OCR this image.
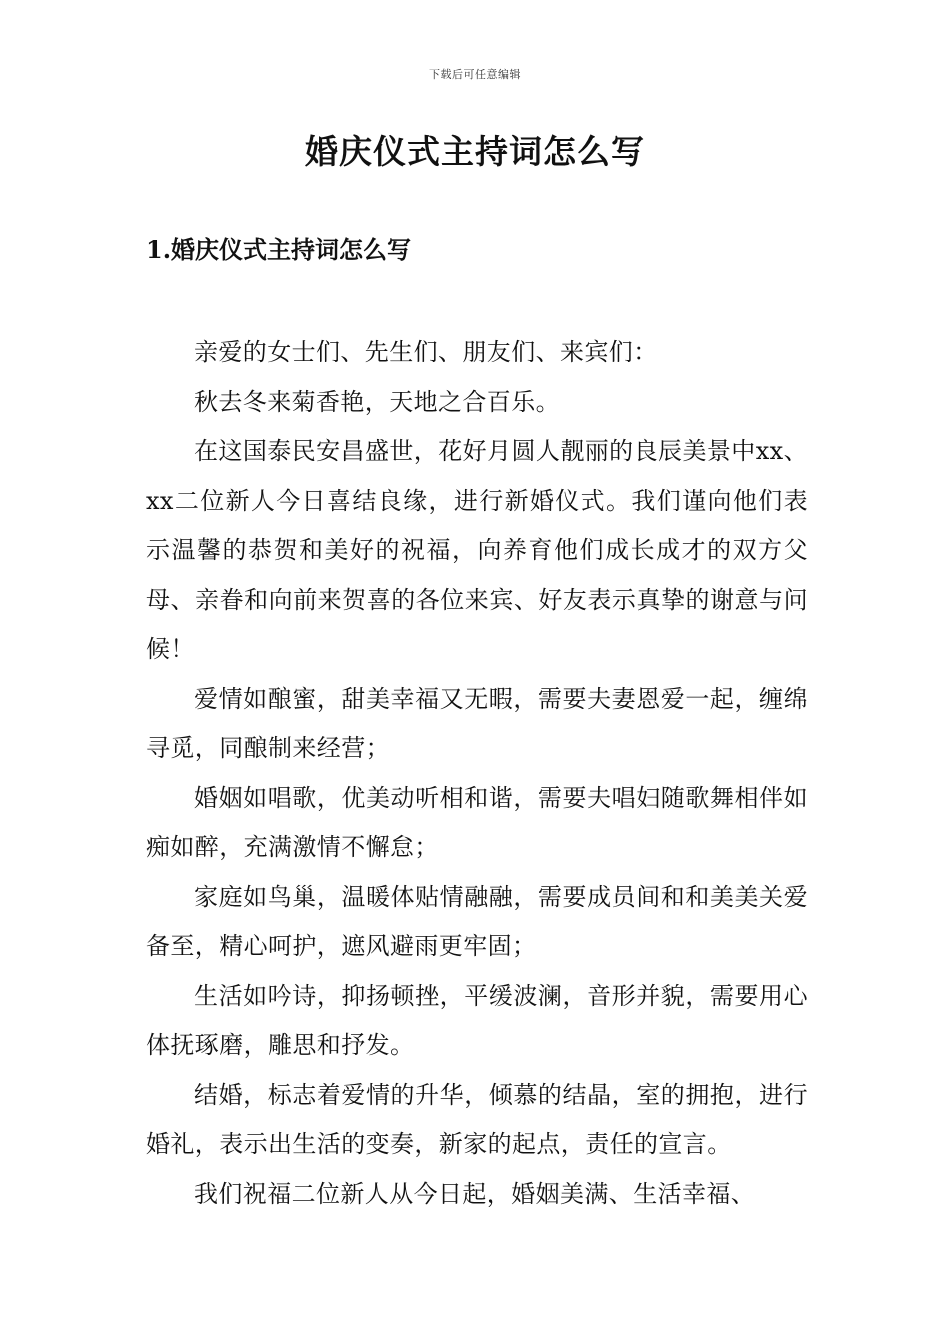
下载后可任意编辑
婚庆仪式主持词怎么写
1.婚庆仪式主持词怎么写

亲爱的女士们、先生们、朋友们、来宾们：

秋去冬来菊香艳，天地之合百乐。

在这国泰民安昌盛世，花好月圆人靓丽的良辰美景中xx、xx二位新人今日喜结良缘，进行新婚仪式。我们谨向他们表示温馨的恭贺和美好的祝福，向养育他们成长成才的双方父母、亲眷和向前来贺喜的各位来宾、好友表示真挚的谢意与问候！

爱情如酿蜜，甜美幸福又无暇，需要夫妻恩爱一起，缠绵寻觅，同酿制来经营；

婚姻如唱歌，优美动听相和谐，需要夫唱妇随歌舞相伴如痴如醉，充满激情不懈怠；

家庭如鸟巢，温暖体贴情融融，需要成员间和和美美关爱备至，精心呵护，遮风避雨更牢固；

生活如吟诗，抑扬顿挫，平缓波澜，音形并貌，需要用心体抚琢磨，雕思和抒发。

结婚，标志着爱情的升华，倾慕的结晶，室的拥抱，进行婚礼，表示出生活的变奏，新家的起点，责任的宣言。

我们祝福二位新人从今日起，婚姻美满、生活幸福、
